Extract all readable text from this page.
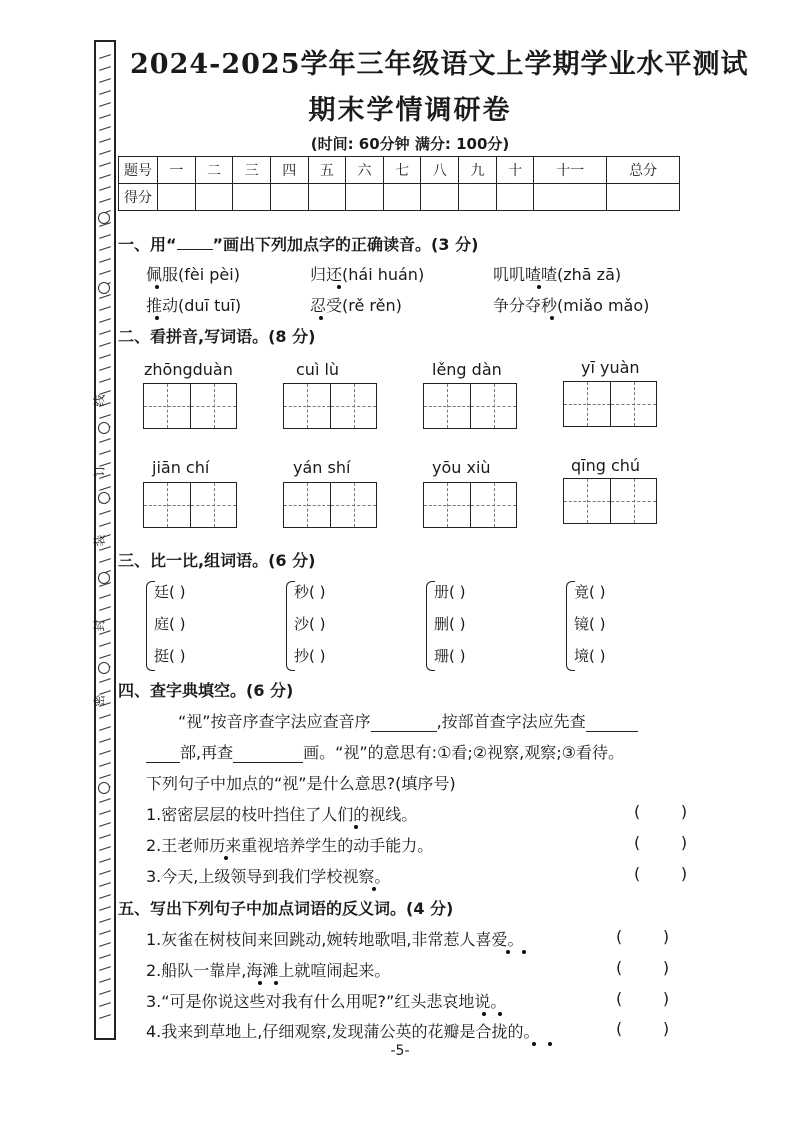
线
订
装
封
密
2024-2025学年三年级语文上学期学业水平测试
期末学情调研卷
(时间: 60分钟 满分: 100分)
题号	一	二	三	四	五	六	七	八	九	十	十一	总分
得分												
一、用“ ”画出下列加点字的正确读音。(3 分)
佩服(fèi pèi)	归还(hái huán)	叽叽喳喳(zhā zā)
推动(duī tuī)	忍受(rě rěn)	争分夺秒(miǎo mǎo)
二、看拼音,写词语。(8 分)
zhōngduàn	cuì lù	lěng dàn	yī yuàn
jiān chí	yán shí	yōu xiù	qīng chú
三、比一比,组词语。(6 分)
廷( )
庭( )
挺( )
秒( )
沙( )
抄( )
册( )
删( )
珊( )
竟( )
镜( )
境( )
四、查字典填空。(6 分)
“视”按音序查字法应查音序	,按部首查字法应先查
部,再查	画。“视”的意思有:①看;②视察,观察;③看待。
下列句子中加点的“视”是什么意思?(填序号)
1.密密层层的枝叶挡住了人们的视线。
2.王老师历来重视培养学生的动手能力。
3.今天,上级领导到我们学校视察。
(        )
(        )
(        )
五、写出下列句子中加点词语的反义词。(4 分)
1.灰雀在树枝间来回跳动,婉转地歌唱,非常惹人喜爱。
2.船队一靠岸,海滩上就喧闹起来。
3.“可是你说这些对我有什么用呢?”红头悲哀地说。
4.我来到草地上,仔细观察,发现蒲公英的花瓣是合拢的。
(        )
(        )
(        )
(        )
-5-
